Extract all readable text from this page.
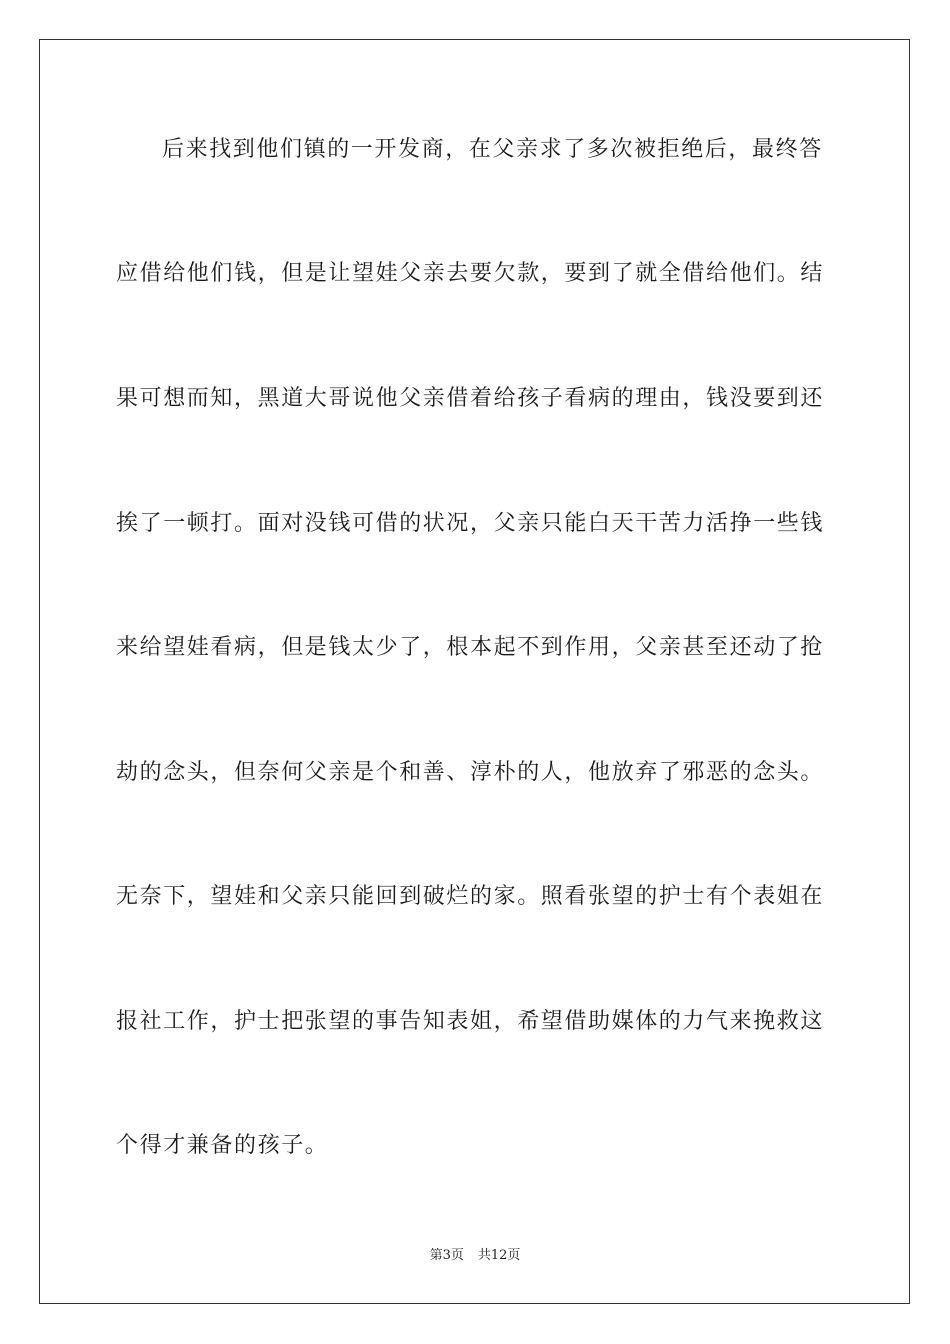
后来找到他们镇的一开发商，在父亲求了多次被拒绝后，最终答
应借给他们钱，但是让望娃父亲去要欠款，要到了就全借给他们。结
果可想而知，黑道大哥说他父亲借着给孩子看病的理由，钱没要到还
挨了一顿打。面对没钱可借的状况，父亲只能白天干苦力活挣一些钱
来给望娃看病，但是钱太少了，根本起不到作用，父亲甚至还动了抢
劫的念头，但奈何父亲是个和善、淳朴的人，他放弃了邪恶的念头。
无奈下，望娃和父亲只能回到破烂的家。照看张望的护士有个表姐在
报社工作，护士把张望的事告知表姐，希望借助媒体的力气来挽救这
个得才兼备的孩子。
第3页 共12页
